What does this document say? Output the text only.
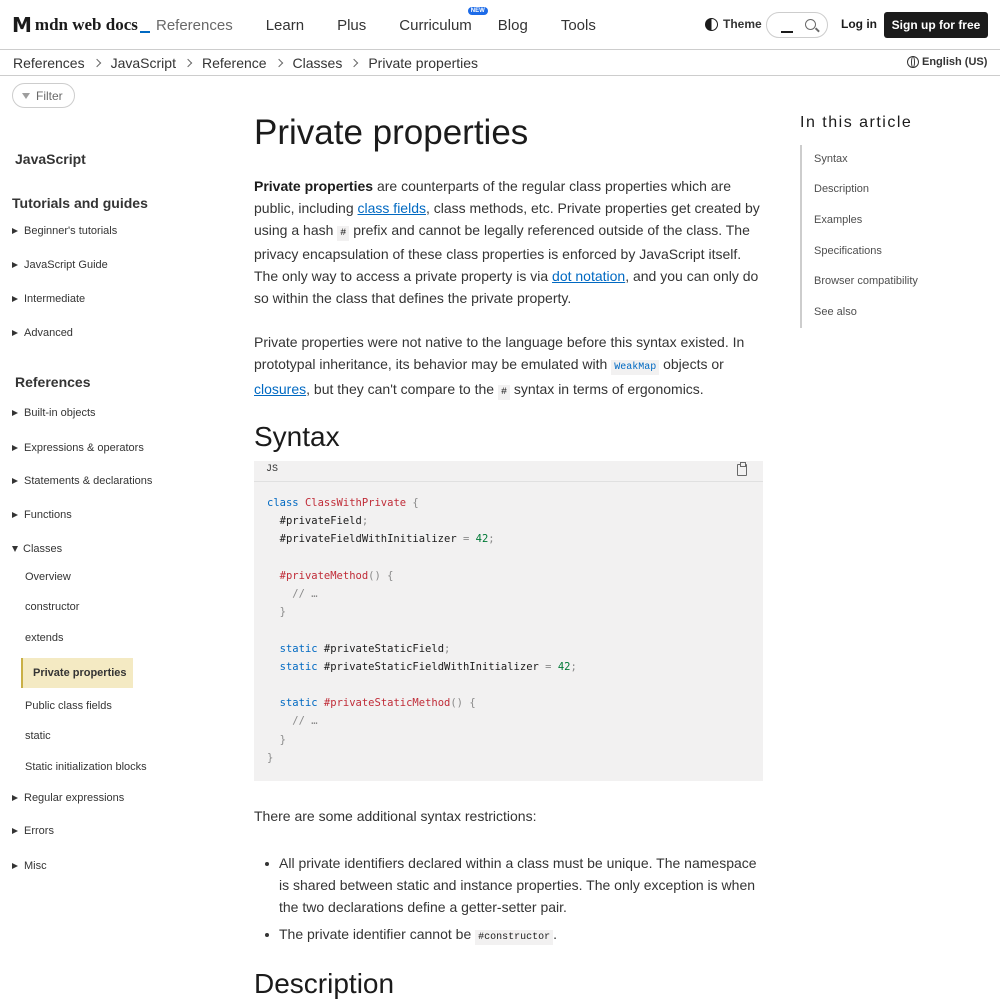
M mdn web docs References Learn Plus Curriculum
NEW
Blog Tools	Theme	Log in	Sign up for free
References JavaScript Reference Classes Private properties	English (US)
Filter
JavaScript
Tutorials and guides
Beginner's tutorials
JavaScript Guide
Intermediate
Advanced
References
Built-in objects
Expressions & operators
Statements & declarations
Functions
Classes
Overview
constructor
extends
Private properties
Public class fields
static
Static initialization blocks
Regular expressions
Errors
Misc
Private properties

Private properties are counterparts of the regular class properties which are public, including class fields, class methods, etc. Private properties get created by using a hash # prefix and cannot be legally referenced outside of the class. The privacy encapsulation of these class properties is enforced by JavaScript itself. The only way to access a private property is via dot notation, and you can only do so within the class that defines the private property.

Private properties were not native to the language before this syntax existed. In prototypal inheritance, its behavior may be emulated with WeakMap objects or closures, but they can't compare to the # syntax in terms of ergonomics.

Syntax
JS
class ClassWithPrivate {
#privateField;
#privateFieldWithInitializer = 42;

#privateMethod() {
// …
}

static #privateStaticField;
static #privateStaticFieldWithInitializer = 42;

static #privateStaticMethod() {
// …
}
}

There are some additional syntax restrictions:

All private identifiers declared within a class must be unique. The namespace is shared between static and instance properties. The only exception is when the two declarations define a getter-setter pair.
The private identifier cannot be #constructor .
Description
In this article
Syntax
Description
Examples
Specifications
Browser compatibility
See also
